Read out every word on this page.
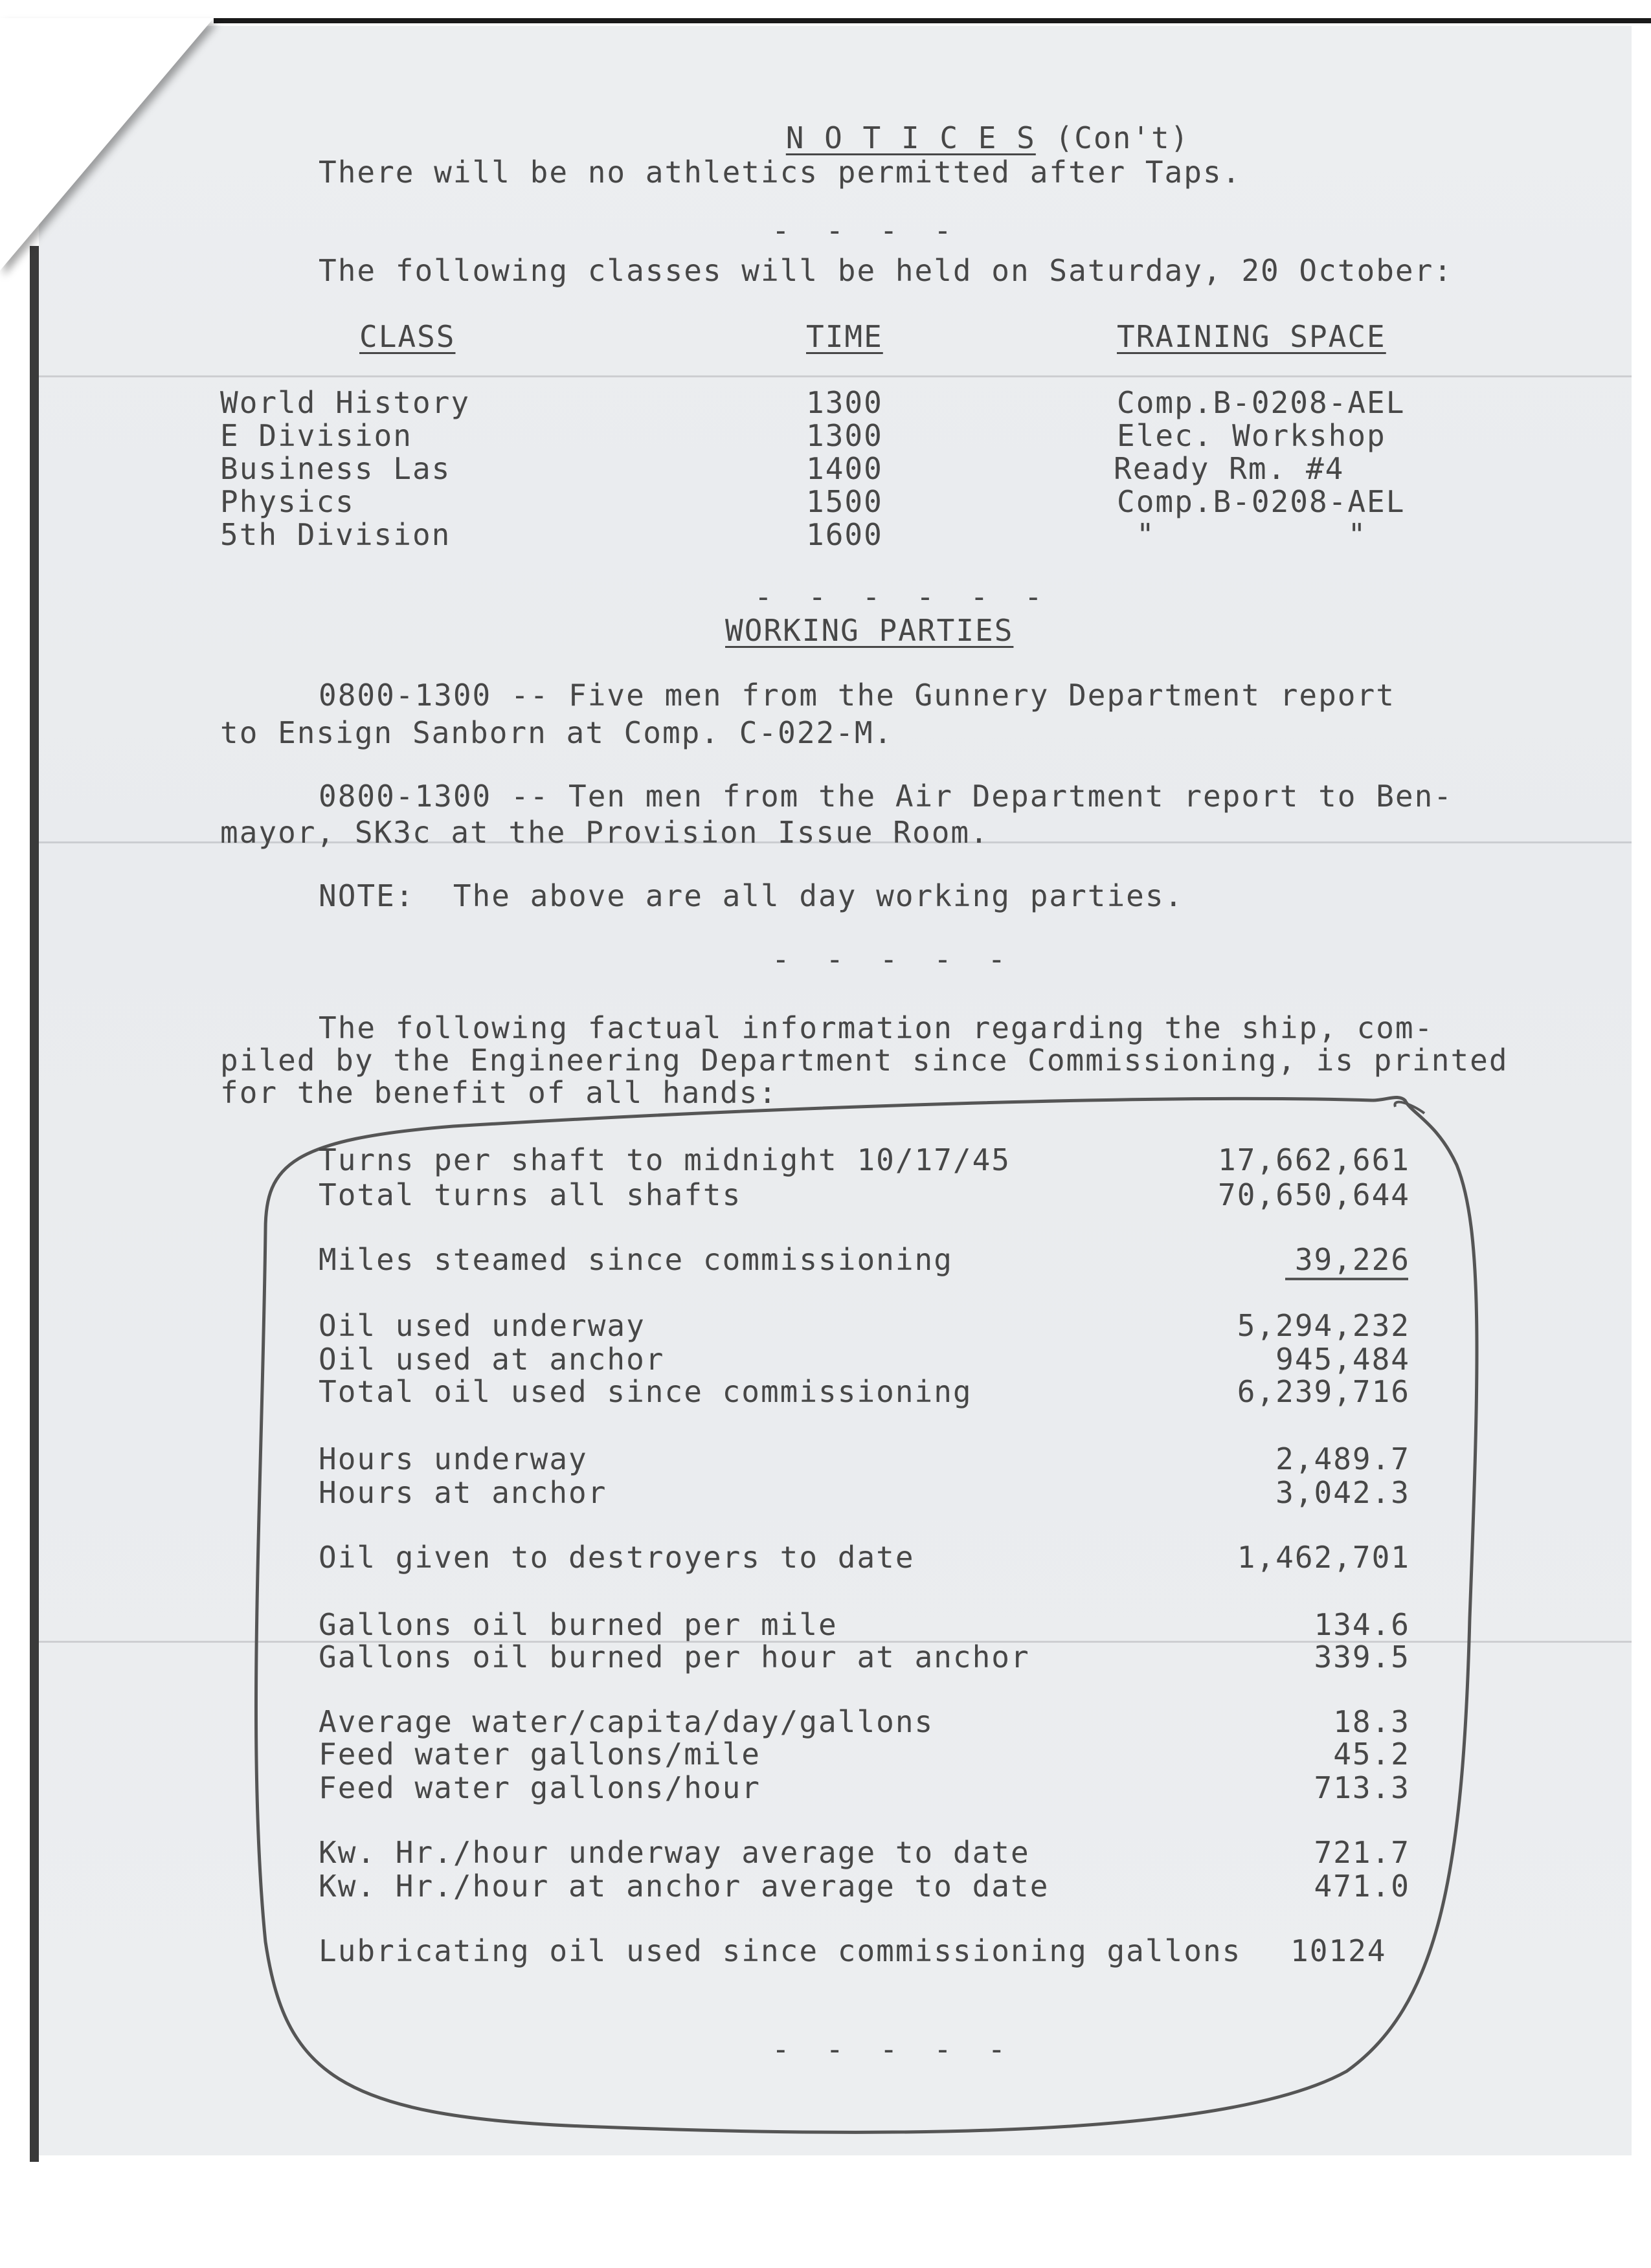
N O T I C E S (Con't)

There will be no athletics permitted after Taps.
- - - -
The following classes will be held on Saturday, 20 October:
CLASS	TIME	TRAINING SPACE
World History	1300	Comp.B-0208-AEL
E Division	1300	Elec. Workshop
Business Las	1400	Ready Rm. #4
Physics	1500	Comp.B-0208-AEL
5th Division	1600	"          "
- - - - - -
WORKING PARTIES
0800-1300 -- Five men from the Gunnery Department report
to Ensign Sanborn at Comp. C-022-M.
0800-1300 -- Ten men from the Air Department report to Ben-
mayor, SK3c at the Provision Issue Room.
NOTE:  The above are all day working parties.
- - - - -
The following factual information regarding the ship, com-
piled by the Engineering Department since Commissioning, is printed
for the benefit of all hands:
Turns per shaft to midnight 10/17/45	17,662,661
Total turns all shafts	70,650,644
Miles steamed since commissioning	39,226
Oil used underway	5,294,232
Oil used at anchor	945,484
Total oil used since commissioning	6,239,716
Hours underway	2,489.7
Hours at anchor	3,042.3
Oil given to destroyers to date	1,462,701
Gallons oil burned per mile	134.6
Gallons oil burned per hour at anchor	339.5
Average water/capita/day/gallons	18.3
Feed water gallons/mile	45.2
Feed water gallons/hour	713.3
Kw. Hr./hour underway average to date	721.7
Kw. Hr./hour at anchor average to date	471.0
Lubricating oil used since commissioning gallons 10124
- - - - -
